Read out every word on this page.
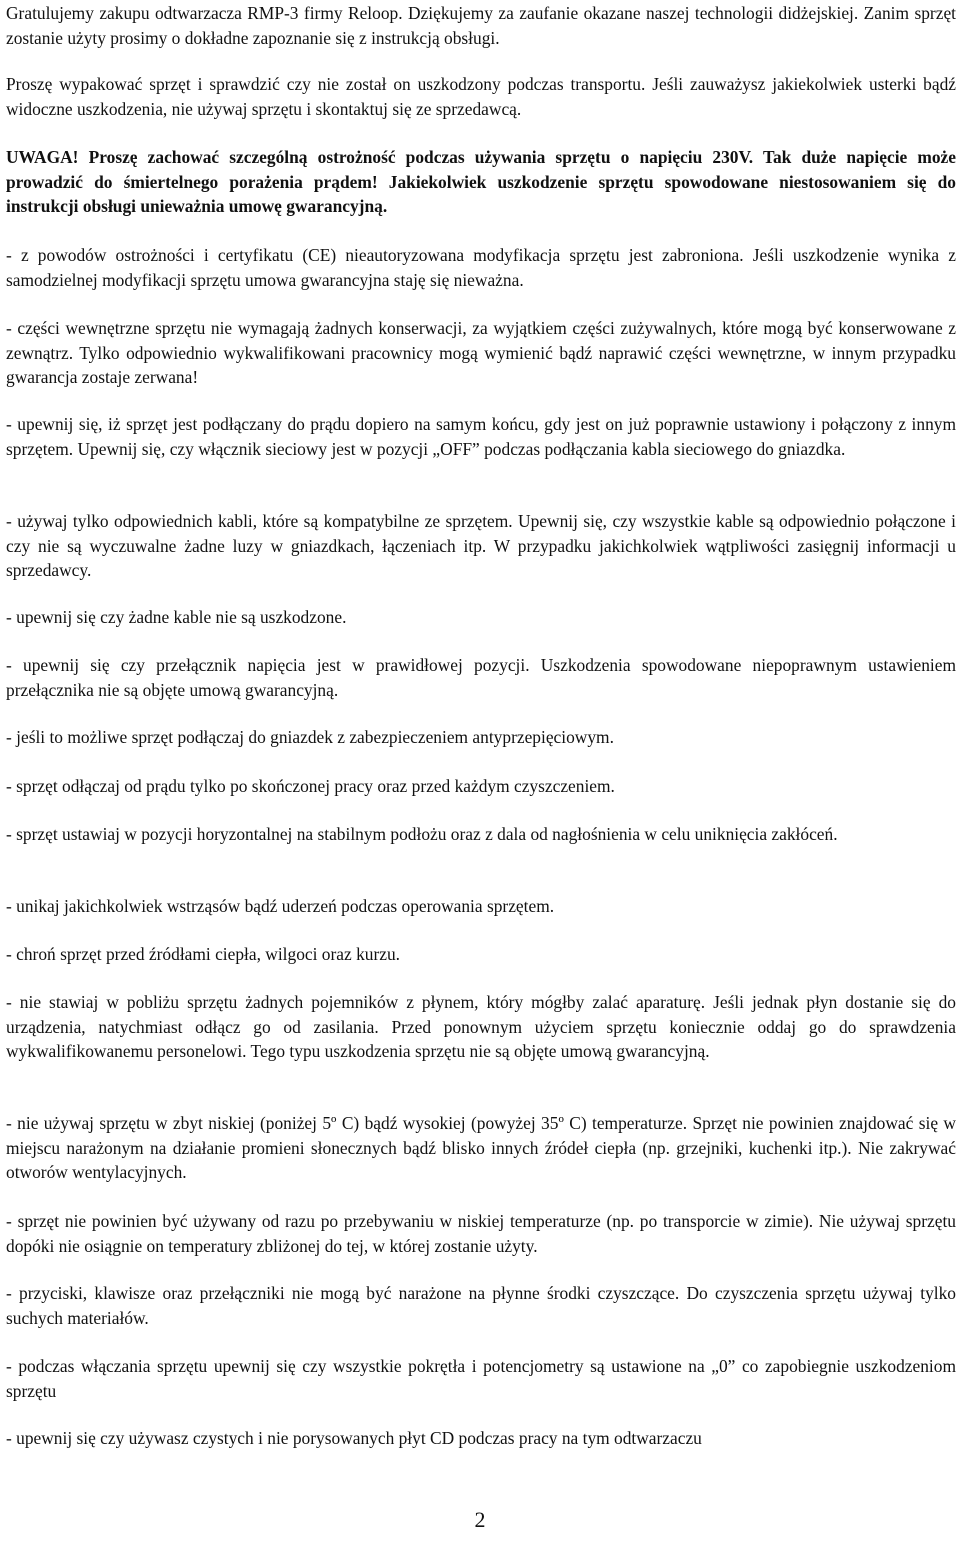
Gratulujemy zakupu odtwarzacza RMP-3 firmy Reloop. Dziękujemy za zaufanie okazane naszej technologii didżejskiej. Zanim sprzęt zostanie użyty prosimy o dokładne zapoznanie się z instrukcją obsługi.

Proszę wypakować sprzęt i sprawdzić czy nie został on uszkodzony podczas transportu. Jeśli zauważysz jakiekolwiek usterki bądź widoczne uszkodzenia, nie używaj sprzętu i skontaktuj się ze sprzedawcą.

UWAGA! Proszę zachować szczególną ostrożność podczas używania sprzętu o napięciu 230V. Tak duże napięcie może prowadzić do śmiertelnego porażenia prądem! Jakiekolwiek uszkodzenie sprzętu spowodowane niestosowaniem się do instrukcji obsługi unieważnia umowę gwarancyjną.

- z powodów ostrożności i certyfikatu (CE) nieautoryzowana modyfikacja sprzętu jest zabroniona. Jeśli uszkodzenie wynika z samodzielnej modyfikacji sprzętu umowa gwarancyjna staję się nieważna.

- części wewnętrzne sprzętu nie wymagają żadnych konserwacji, za wyjątkiem części zużywalnych, które mogą być konserwowane z zewnątrz. Tylko odpowiednio wykwalifikowani pracownicy mogą wymienić bądź naprawić części wewnętrzne, w innym przypadku gwarancja zostaje zerwana!

- upewnij się, iż sprzęt jest podłączany do prądu dopiero na samym końcu, gdy jest on już poprawnie ustawiony i połączony z innym sprzętem. Upewnij się, czy włącznik sieciowy jest w pozycji „OFF” podczas podłączania kabla sieciowego do gniazdka.

- używaj tylko odpowiednich kabli, które są kompatybilne ze sprzętem. Upewnij się, czy wszystkie kable są odpowiednio połączone i czy nie są wyczuwalne żadne luzy w gniazdkach, łączeniach itp. W przypadku jakichkolwiek wątpliwości zasięgnij informacji u sprzedawcy.

- upewnij się czy żadne kable nie są uszkodzone.

- upewnij się czy przełącznik napięcia jest w prawidłowej pozycji. Uszkodzenia spowodowane niepoprawnym ustawieniem przełącznika nie są objęte umową gwarancyjną.

- jeśli to możliwe sprzęt podłączaj do gniazdek z zabezpieczeniem antyprzepięciowym.

- sprzęt odłączaj od prądu tylko po skończonej pracy oraz przed każdym czyszczeniem.

- sprzęt ustawiaj w pozycji horyzontalnej na stabilnym podłożu oraz z dala od nagłośnienia w celu uniknięcia zakłóceń.

- unikaj jakichkolwiek wstrząsów bądź uderzeń podczas operowania sprzętem.

- chroń sprzęt przed źródłami ciepła, wilgoci oraz kurzu.

- nie stawiaj w pobliżu sprzętu żadnych pojemników z płynem, który mógłby zalać aparaturę. Jeśli jednak płyn dostanie się do urządzenia, natychmiast odłącz go od zasilania. Przed ponownym użyciem sprzętu koniecznie oddaj go do sprawdzenia wykwalifikowanemu personelowi. Tego typu uszkodzenia sprzętu nie są objęte umową gwarancyjną.

- nie używaj sprzętu w zbyt niskiej (poniżej 5º C) bądź wysokiej (powyżej 35º C) temperaturze. Sprzęt nie powinien znajdować się w miejscu narażonym na działanie promieni słonecznych bądź blisko innych źródeł ciepła (np. grzejniki, kuchenki itp.). Nie zakrywać otworów wentylacyjnych.

- sprzęt nie powinien być używany od razu po przebywaniu w niskiej temperaturze (np. po transporcie w zimie). Nie używaj sprzętu dopóki nie osiągnie on temperatury zbliżonej do tej, w której zostanie użyty.

- przyciski, klawisze oraz przełączniki nie mogą być narażone na płynne środki czyszczące. Do czyszczenia sprzętu używaj tylko suchych materiałów.

- podczas włączania sprzętu upewnij się czy wszystkie pokrętła i potencjometry są ustawione na „0” co zapobiegnie uszkodzeniom sprzętu

- upewnij się czy używasz czystych i nie porysowanych płyt CD podczas pracy na tym odtwarzaczu

2
